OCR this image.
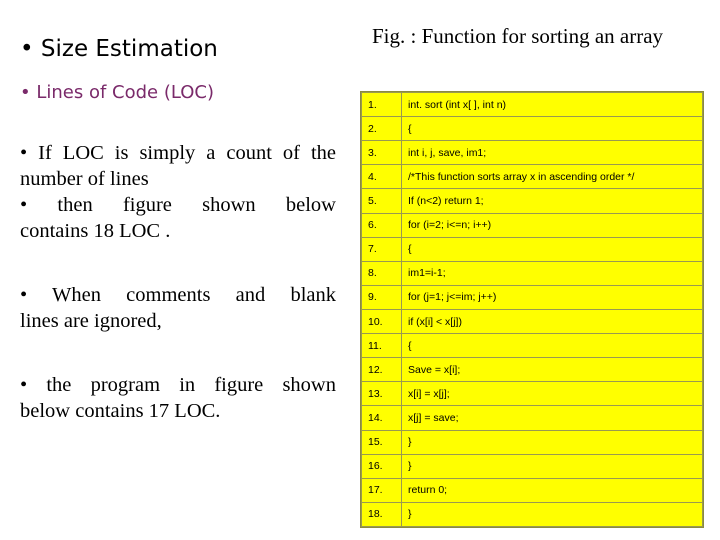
• Size Estimation
• Lines of Code (LOC)
• If LOC is simply a count of the
number of lines
• then figure shown below
contains 18 LOC .
• When comments and blank
lines are ignored,
• the program in figure shown
below contains 17 LOC.
Fig. : Function for sorting an array
1.	int. sort (int x[ ], int n)
2.	{
3.	int i, j, save, im1;
4.	/*This function sorts array x in ascending order */
5.	If (n<2) return 1;
6.	for (i=2; i<=n; i++)
7.	{
8.	im1=i-1;
9.	for (j=1; j<=im; j++)
10.	if (x[i] < x[j])
11.	{
12.	Save = x[i];
13.	x[i] = x[j];
14.	x[j] = save;
15.	}
16.	}
17.	return 0;
18.	}
